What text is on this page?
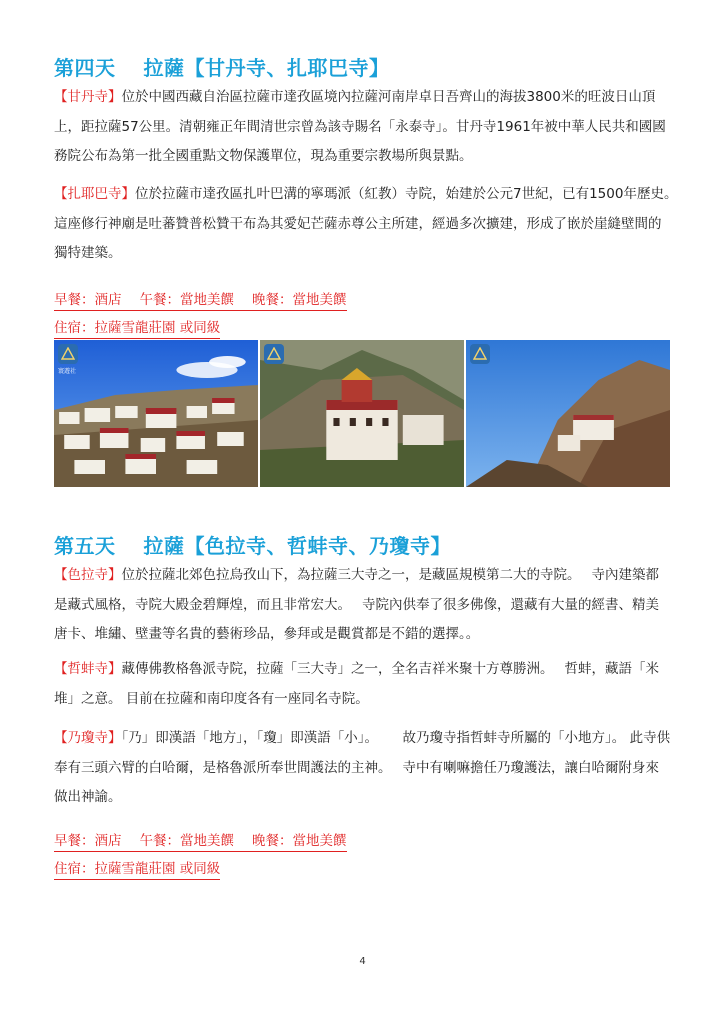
第四天　 拉薩【甘丹寺、扎耶巴寺】
【甘丹寺】位於中國西藏自治區拉薩市達孜區境內拉薩河南岸卓日吾齊山的海拔3800米的旺波日山頂上，距拉薩57公里。清朝雍正年間清世宗曾為該寺賜名「永泰寺」。甘丹寺1961年被中華人民共和國國務院公布為第一批全國重點文物保護單位，現為重要宗教場所與景點。
【扎耶巴寺】位於拉薩市達孜區扎叶巴溝的寧瑪派（紅教）寺院，始建於公元7世紀，已有1500年歷史。　 這座修行神廟是吐蕃贊普松贊干布為其愛妃芒薩赤尊公主所建，經過多次擴建，形成了嵌於崖縫壁間的獨特建築。
早餐：酒店 午餐：當地美饌 晚餐：當地美饌
住宿：拉薩雪龍莊園 或同級
寰遊社
第五天　 拉薩【色拉寺、哲蚌寺、乃瓊寺】
【色拉寺】位於拉薩北郊色拉烏孜山下，為拉薩三大寺之一，是藏區規模第二大的寺院。　 寺內建築都是藏式風格，寺院大殿金碧輝煌，而且非常宏大。　 寺院內供奉了很多佛像，還藏有大量的經書、精美唐卡、堆繡、壁畫等名貴的藝術珍品，參拜或是觀賞都是不錯的選擇。。
【哲蚌寺】藏傳佛教格魯派寺院，拉薩「三大寺」之一，全名吉祥米聚十方尊勝洲。　 哲蚌，藏語「米堆」之意。 目前在拉薩和南印度各有一座同名寺院。
【乃瓊寺】「乃」即漢語「地方」，「瓊」即漢語「小」。　　 故乃瓊寺指哲蚌寺所屬的「小地方」。 此寺供奉有三頭六臂的白哈爾，是格魯派所奉世間護法的主神。　 寺中有喇嘛擔任乃瓊護法，讓白哈爾附身來做出神諭。
早餐：酒店 午餐：當地美饌 晚餐：當地美饌
住宿：拉薩雪龍莊園 或同級
4
